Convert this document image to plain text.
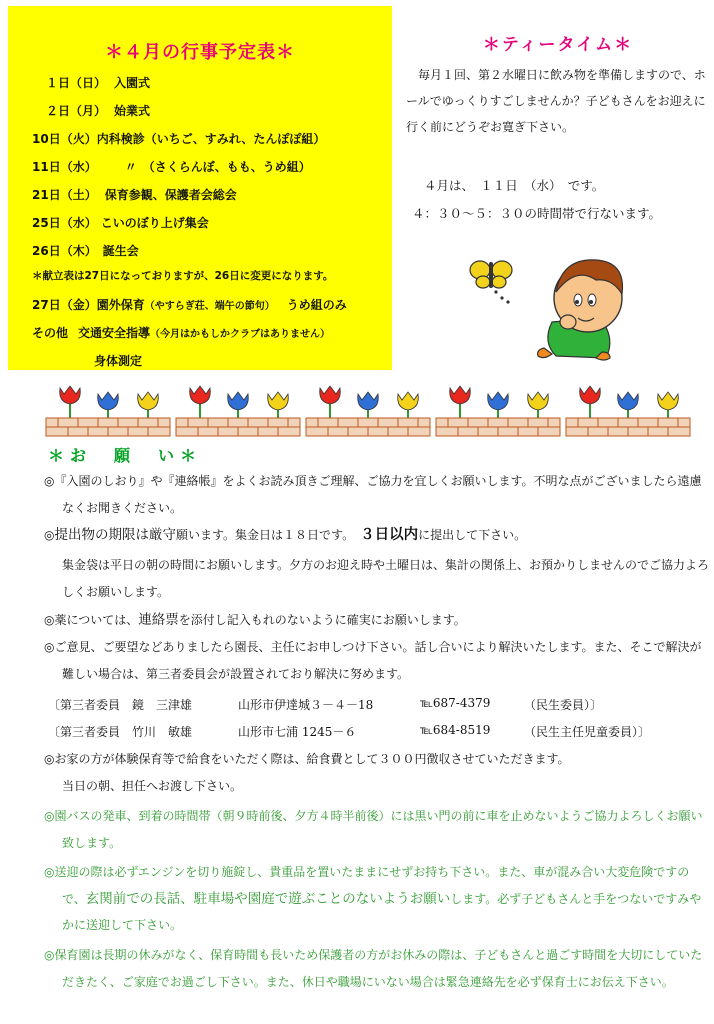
＊４月の行事予定表＊
１日（日） 入園式
２日（月） 始業式
10日（火）内科検診（いちご、すみれ、たんぽぽ組）
11日（水） 〃　（さくらんぼ、もも、うめ組）
21日（土） 保育参観、保護者会総会
25日（水） こいのぼり上げ集会
26日（木） 誕生会
＊献立表は27日になっておりますが、26日に変更になります。
27日（金）園外保育（やすらぎ荘、端午の節句）　うめ組のみ
その他 交通安全指導（今月はかもしかクラブはありません）
身体測定
＊ティータイム＊

毎月１回、第２水曜日に飲み物を準備しますので、ホールでゆっくりすごしませんか？子どもさんをお迎えに行く前にどうぞお寛ぎ下さい。

４月は、　１１日　（水）　です。

４：３０～５：３０の時間帯で行ないます。

＊お　願　い＊

◎『入園のしおり』や『連絡帳』をよくお読み頂きご理解、ご協力を宜しくお願いします。不明な点がございましたら遠慮なくお聞きください。

◎提出物の期限は厳守願います。集金日は１８日です。　 ３日以内に提出して下さい。

集金袋は平日の朝の時間にお願いします。夕方のお迎え時や土曜日は、集計の関係上、お預かりしませんのでご協力よろしくお願いします。

◎薬については、連絡票を添付し記入もれのないように確実にお願いします。

◎ご意見、ご要望などありましたら園長、主任にお申しつけ下さい。話し合いにより解決いたします。また、そこで解決が難しい場合は、第三者委員会が設置されており解決に努めます。

〔第三者委員　鏡　三津雄	山形市伊達城３－４－18	℡687-4379	（民生委員）〕
〔第三者委員　竹川　敏雄	山形市七浦 1245－６	℡684-8519	（民生主任児童委員）〕

◎お家の方が体験保育等で給食をいただく際は、給食費として３００円徴収させていただきます。

当日の朝、担任へお渡し下さい。

◎園バスの発車、到着の時間帯（朝９時前後、夕方４時半前後）には黒い門の前に車を止めないようご協力よろしくお願い致します。

◎送迎の際は必ずエンジンを切り施錠し、貴重品を置いたままにせずお持ち下さい。また、車が混み合い大変危険ですので、玄関前での長話、駐車場や園庭で遊ぶことのないようお願いします。必ず子どもさんと手をつないですみやかに送迎して下さい。

◎保育園は長期の休みがなく、保育時間も長いため保護者の方がお休みの際は、子どもさんと過ごす時間を大切にしていただきたく、ご家庭でお過ごし下さい。また、休日や職場にいない場合は緊急連絡先を必ず保育士にお伝え下さい。
